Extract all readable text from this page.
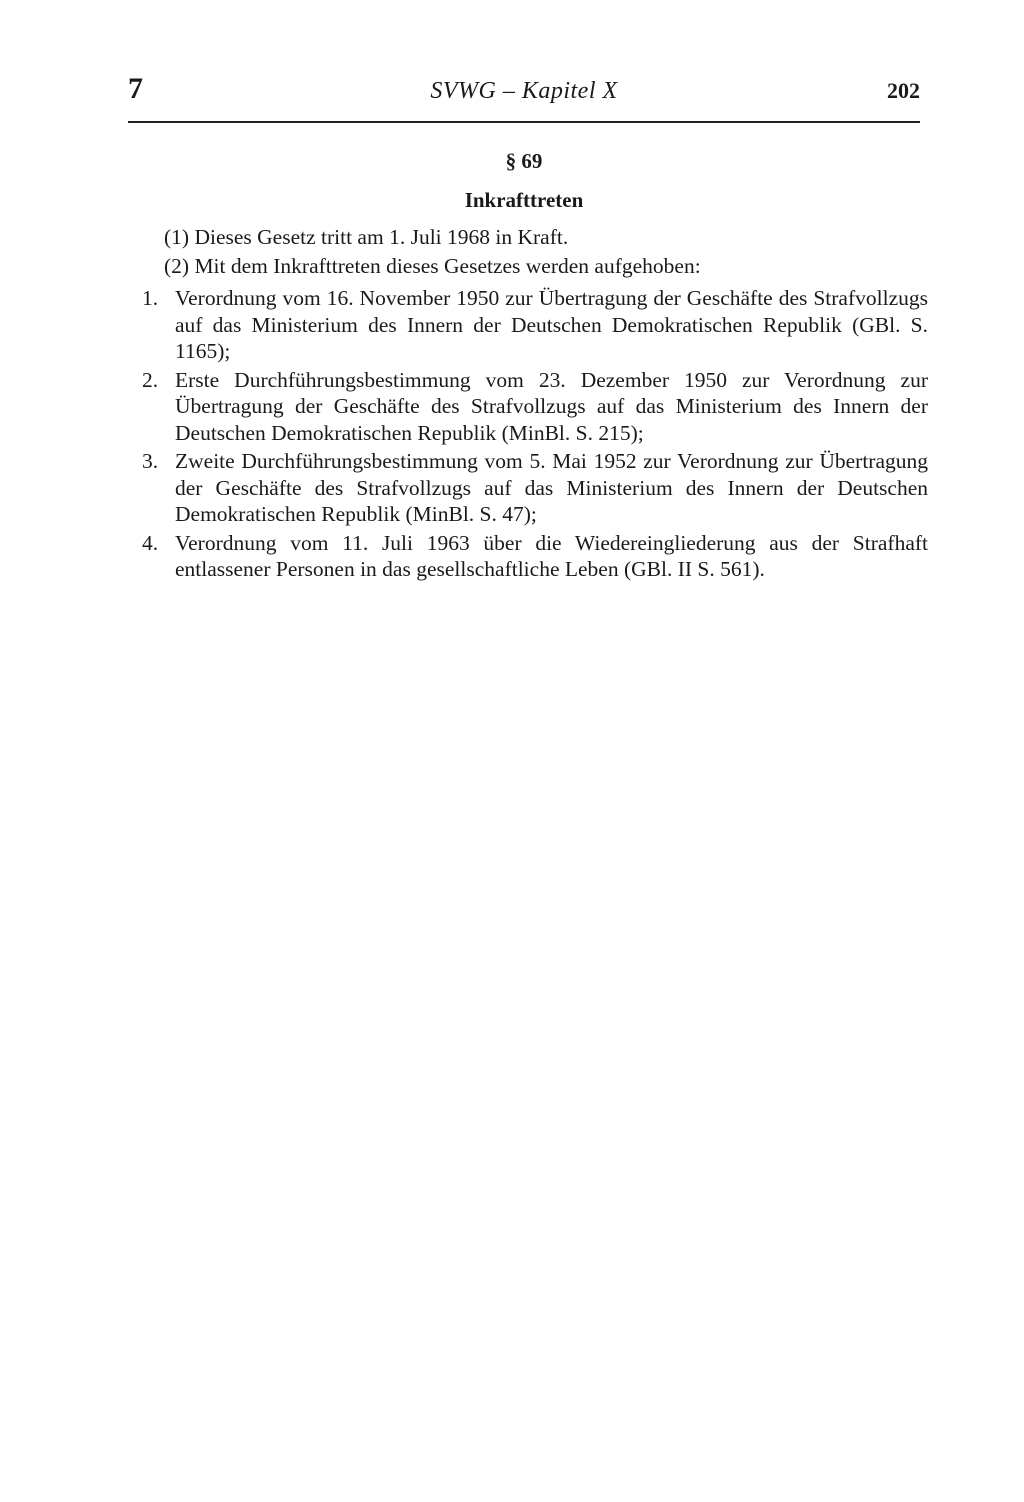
7	SVWG – Kapitel X	202
§ 69
Inkrafttreten

(1) Dieses Gesetz tritt am 1. Juli 1968 in Kraft.

(2) Mit dem Inkrafttreten dieses Gesetzes werden aufgehoben:

1. Verordnung vom 16. November 1950 zur Übertragung der Geschäfte des Strafvollzugs auf das Ministerium des Innern der Deutschen Demokratischen Republik (GBl. S. 1165);
2. Erste Durchführungsbestimmung vom 23. Dezember 1950 zur Verordnung zur Übertragung der Geschäfte des Strafvollzugs auf das Ministerium des Innern der Deutschen Demokratischen Republik (MinBl. S. 215);
3. Zweite Durchführungsbestimmung vom 5. Mai 1952 zur Verordnung zur Übertragung der Geschäfte des Strafvollzugs auf das Ministerium des Innern der Deutschen Demokratischen Republik (MinBl. S. 47);
4. Verordnung vom 11. Juli 1963 über die Wiedereingliederung aus der Strafhaft entlassener Personen in das gesellschaftliche Leben (GBl. II S. 561).
